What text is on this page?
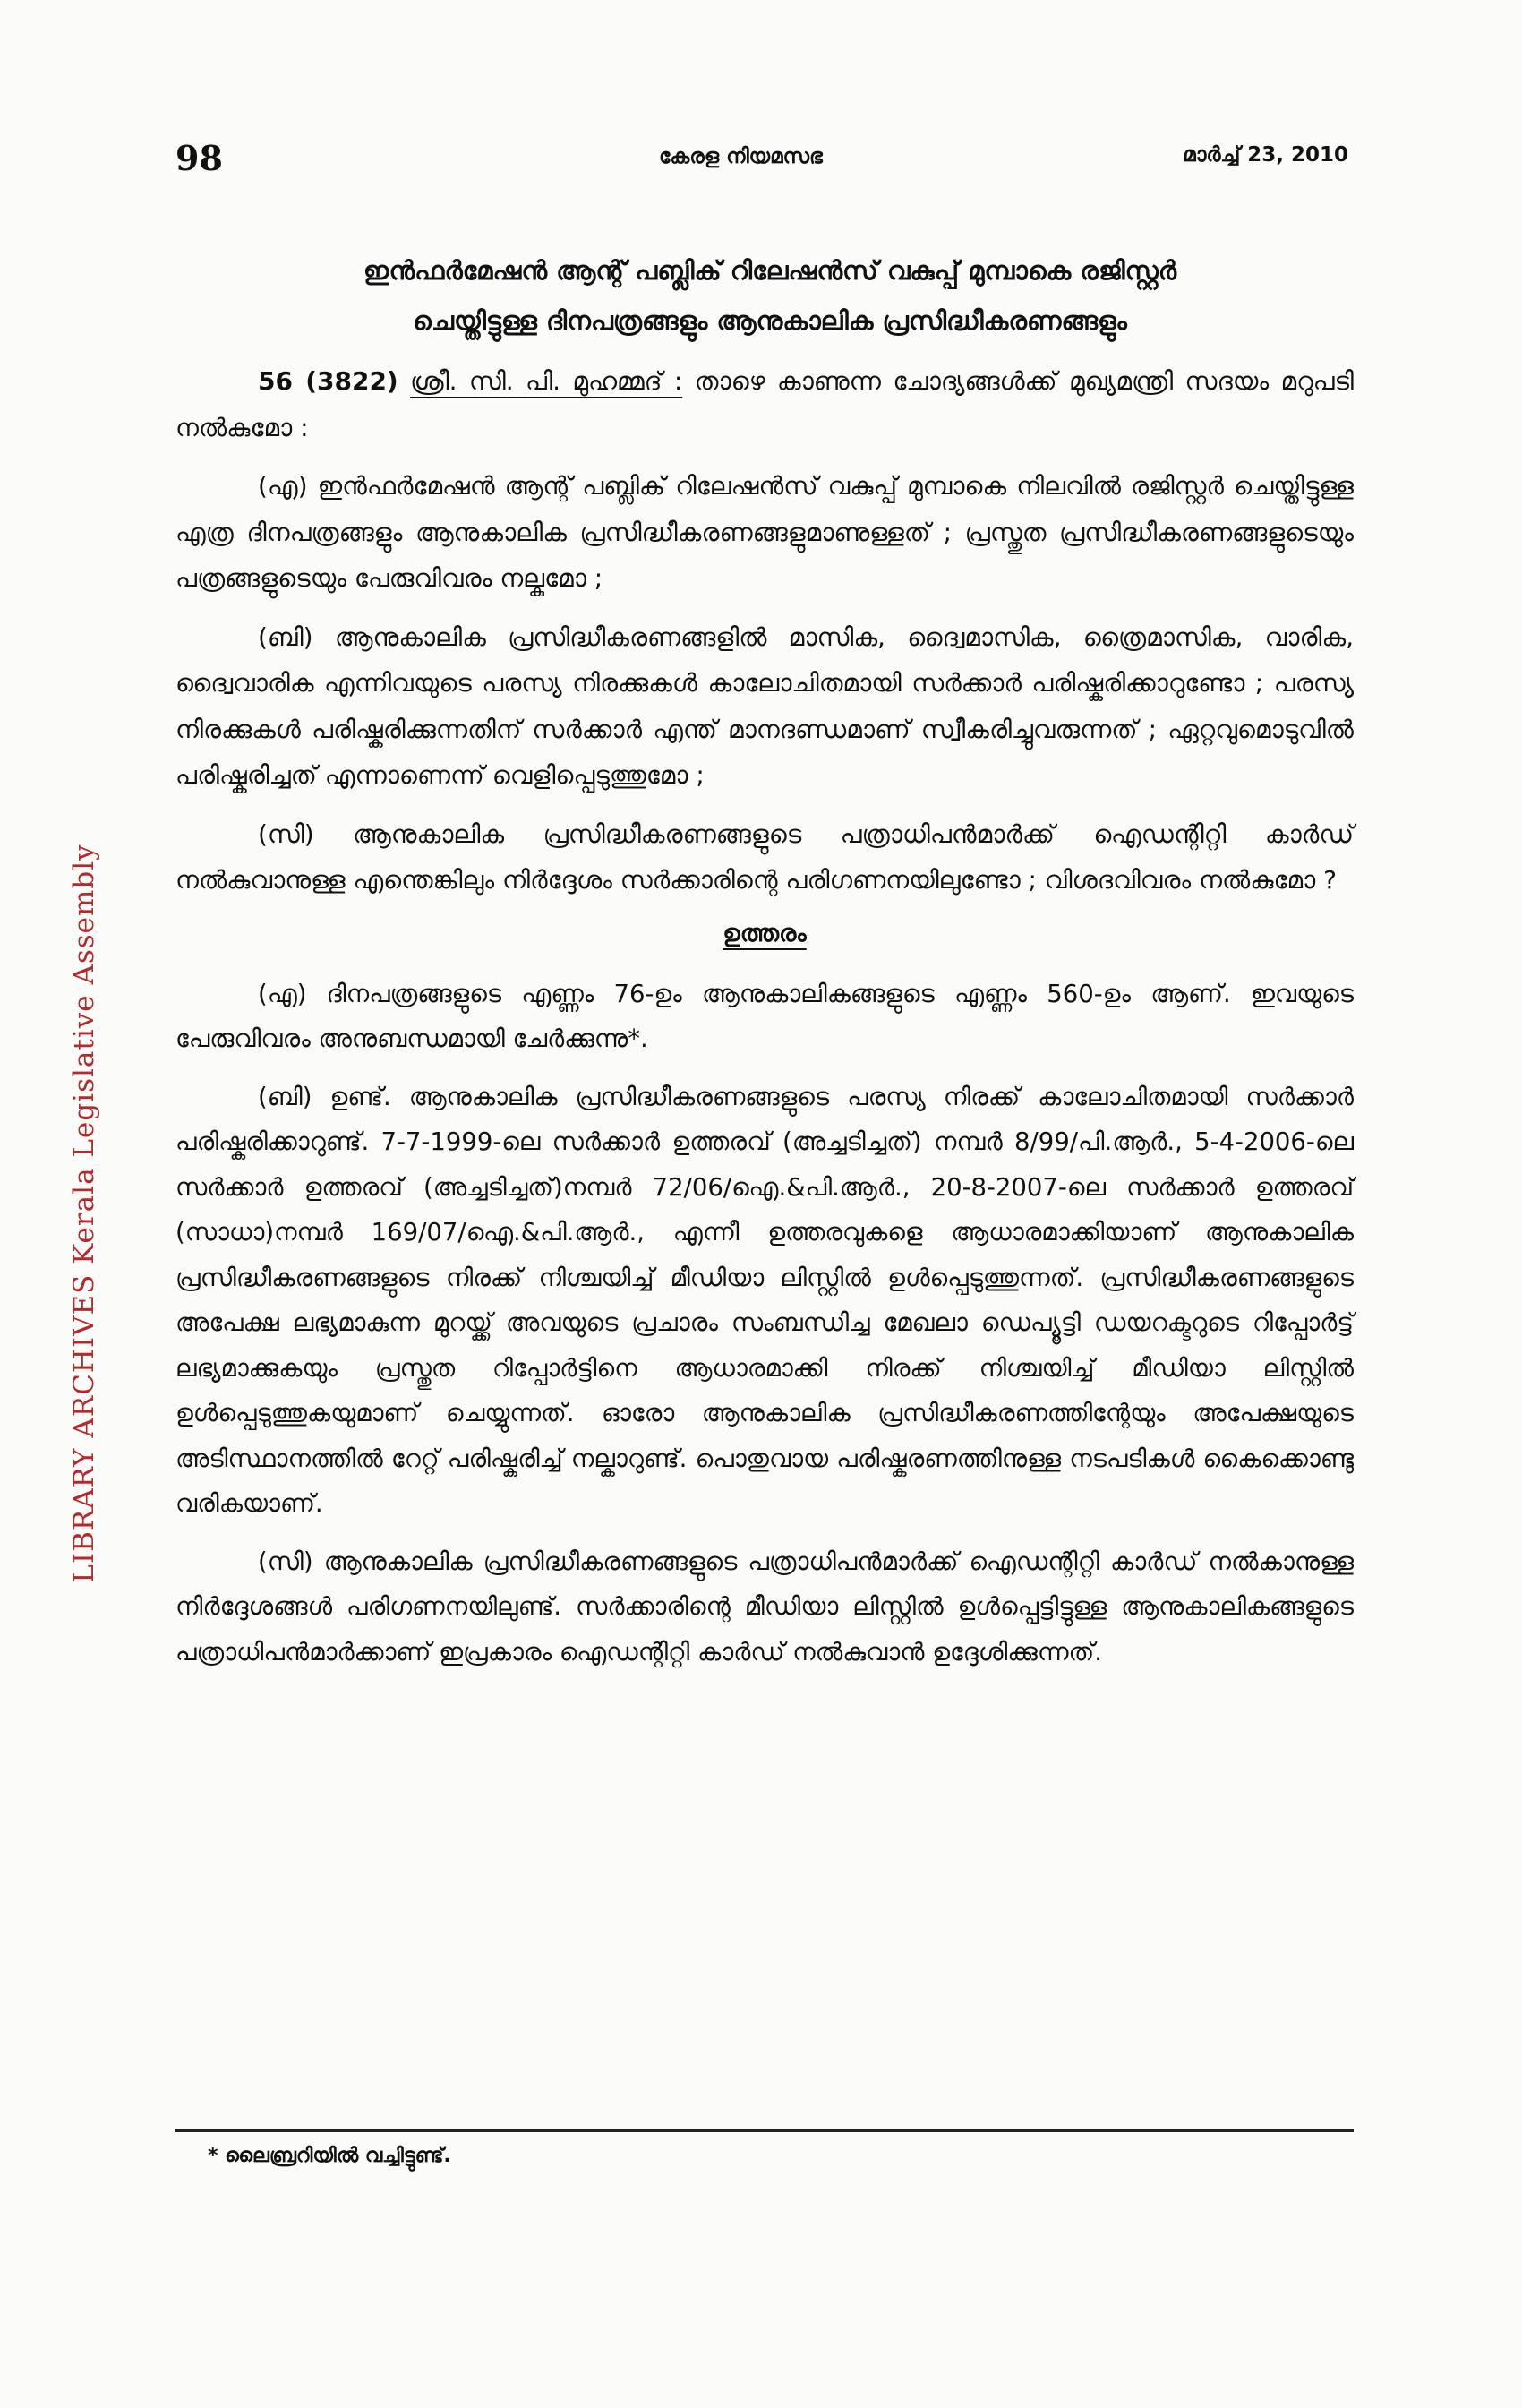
LIBRARY ARCHIVES Kerala Legislative Assembly
98	കേരള നിയമസഭ	മാർച്ച് 23, 2010
ഇൻഫർമേഷൻ ആന്റ് പബ്ലിക് റിലേഷൻസ് വകുപ്പ് മുമ്പാകെ രജിസ്റ്റർ
ചെയ്തിട്ടുള്ള ദിനപത്രങ്ങളും ആനുകാലിക പ്രസിദ്ധീകരണങ്ങളും

56 (3822) ശ്രീ. സി. പി. മുഹമ്മദ് : താഴെ കാണുന്ന ചോദ്യങ്ങൾക്ക് മുഖ്യമന്ത്രി സദയം മറുപടി നൽകുമോ :

(എ) ഇൻഫർമേഷൻ ആന്റ് പബ്ലിക് റിലേഷൻസ് വകുപ്പ് മുമ്പാകെ നിലവിൽ രജിസ്റ്റർ ചെയ്തിട്ടുള്ള എത്ര ദിനപത്രങ്ങളും ആനുകാലിക പ്രസിദ്ധീകരണങ്ങളുമാണുള്ളത് ; പ്രസ്തുത പ്രസിദ്ധീകരണങ്ങളുടെയും പത്രങ്ങളുടെയും പേരുവിവരം നല്കുമോ ;

(ബി) ആനുകാലിക പ്രസിദ്ധീകരണങ്ങളിൽ മാസിക, ദ്വൈമാസിക, ത്രൈമാസിക, വാരിക, ദ്വൈവാരിക എന്നിവയുടെ പരസ്യ നിരക്കുകൾ കാലോചിതമായി സർക്കാർ പരിഷ്കരിക്കാറുണ്ടോ ; പരസ്യ നിരക്കുകൾ പരിഷ്കരിക്കുന്നതിന് സർക്കാർ എന്ത് മാനദണ്ഡമാണ് സ്വീകരിച്ചുവരുന്നത് ; ഏറ്റവുമൊടുവിൽ പരിഷ്കരിച്ചത് എന്നാണെന്ന് വെളിപ്പെടുത്തുമോ ;

(സി) ആനുകാലിക പ്രസിദ്ധീകരണങ്ങളുടെ പത്രാധിപൻമാർക്ക് ഐഡന്റിറ്റി കാർഡ് നൽകുവാനുള്ള എന്തെങ്കിലും നിർദ്ദേശം സർക്കാരിന്റെ പരിഗണനയിലുണ്ടോ ; വിശദവിവരം നൽകുമോ ?

ഉത്തരം

(എ) ദിനപത്രങ്ങളുടെ എണ്ണം 76-ഉം ആനുകാലികങ്ങളുടെ എണ്ണം 560-ഉം ആണ്. ഇവയുടെ പേരുവിവരം അനുബന്ധമായി ചേർക്കുന്നു*.

(ബി) ഉണ്ട്. ആനുകാലിക പ്രസിദ്ധീകരണങ്ങളുടെ പരസ്യ നിരക്ക് കാലോചിതമായി സർക്കാർ പരിഷ്കരിക്കാറുണ്ട്. 7-7-1999-ലെ സർക്കാർ ഉത്തരവ് (അച്ചടിച്ചത്) നമ്പർ 8/99/പി.ആർ., 5-4-2006-ലെ സർക്കാർ ഉത്തരവ് (അച്ചടിച്ചത്)നമ്പർ 72/06/ഐ.&പി.ആർ., 20-8-2007-ലെ സർക്കാർ ഉത്തരവ് (സാധാ)നമ്പർ 169/07/ഐ.&പി.ആർ., എന്നീ ഉത്തരവുകളെ ആധാരമാക്കിയാണ് ആനുകാലിക പ്രസിദ്ധീകരണങ്ങളുടെ നിരക്ക് നിശ്ചയിച്ച് മീഡിയാ ലിസ്റ്റിൽ ഉൾപ്പെടുത്തുന്നത്. പ്രസിദ്ധീകരണങ്ങളുടെ അപേക്ഷ ലഭ്യമാകുന്ന മുറയ്ക്ക് അവയുടെ പ്രചാരം സംബന്ധിച്ച മേഖലാ ഡെപ്യൂട്ടി ഡയറക്ടറുടെ റിപ്പോർട്ട് ലഭ്യമാക്കുകയും പ്രസ്തുത റിപ്പോർട്ടിനെ ആധാരമാക്കി നിരക്ക് നിശ്ചയിച്ച് മീഡിയാ ലിസ്റ്റിൽ ഉൾപ്പെടുത്തുകയുമാണ് ചെയ്യുന്നത്. ഓരോ ആനുകാലിക പ്രസിദ്ധീകരണത്തിന്റേയും അപേക്ഷയുടെ അടിസ്ഥാനത്തിൽ റേറ്റ് പരിഷ്കരിച്ച് നല്കാറുണ്ട്. പൊതുവായ പരിഷ്കരണത്തിനുള്ള നടപടികൾ കൈക്കൊണ്ടു വരികയാണ്.

(സി) ആനുകാലിക പ്രസിദ്ധീകരണങ്ങളുടെ പത്രാധിപൻമാർക്ക് ഐഡന്റിറ്റി കാർഡ് നൽകാനുള്ള നിർദ്ദേശങ്ങൾ പരിഗണനയിലുണ്ട്. സർക്കാരിന്റെ മീഡിയാ ലിസ്റ്റിൽ ഉൾപ്പെട്ടിട്ടുള്ള ആനുകാലികങ്ങളുടെ പത്രാധിപൻമാർക്കാണ് ഇപ്രകാരം ഐഡന്റിറ്റി കാർഡ് നൽകുവാൻ ഉദ്ദേശിക്കുന്നത്.

* ലൈബ്രറിയിൽ വച്ചിട്ടുണ്ട്.
